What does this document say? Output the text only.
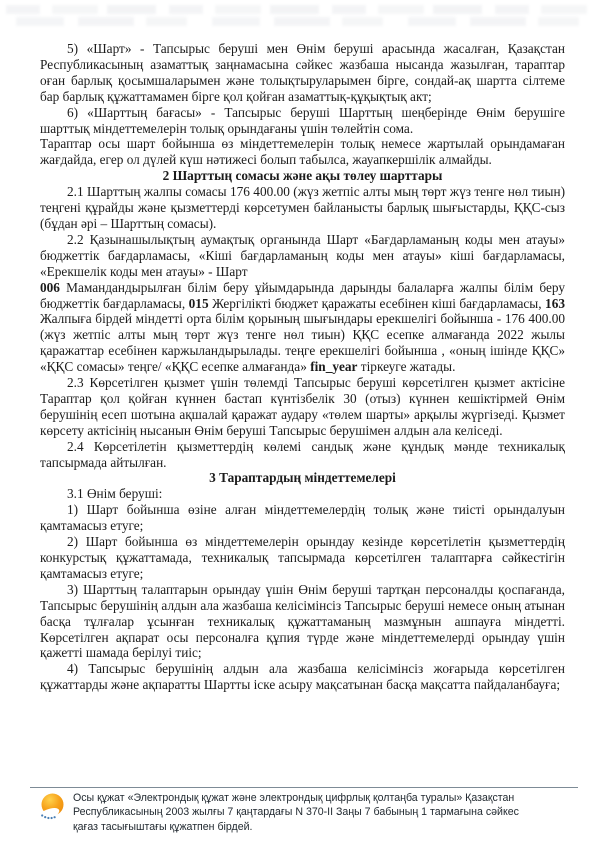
5) «Шарт» - Тапсырыс беруші мен Өнім беруші арасында жасалған, Қазақстан Республикасының азаматтық заңнамасына сәйкес жазбаша нысанда жазылған, тараптар оған барлық қосымшаларымен және толықтыруларымен бірге, сондай-ақ шартта сілтеме бар барлық құжаттамамен бірге қол қойған азаматтық-құқықтық акт;

6) «Шарттың бағасы» - Тапсырыс беруші Шарттың шеңберінде Өнім берушіге шарттық міндеттемелерін толық орындағаны үшін төлейтін сома.

Тараптар осы шарт бойынша өз міндеттемелерін толық немесе жартылай орындамаған жағдайда, егер ол дүлей күш нәтижесі болып табылса, жауапкершілік алмайды.

2 Шарттың сомасы және ақы төлеу шарттары

2.1 Шарттың жалпы сомасы 176 400.00 (жүз жетпіс алты мың төрт жүз тенге нөл тиын) теңгені құрайды және қызметтерді көрсетумен байланысты барлық шығыстарды, ҚҚС-сыз (бұдан әрі – Шарттың сомасы).

2.2 Қазынашылықтың аумақтық органында Шарт «Бағдарламаның коды мен атауы» бюджеттік бағдарламасы, «Кіші бағдарламаның коды мен атауы» кіші бағдарламасы, «Ерекшелік коды мен атауы» - Шарт

006 Мамандандырылған білім беру ұйымдарында дарынды балаларға жалпы білім беру бюджеттік бағдарламасы, 015 Жергілікті бюджет қаражаты есебінен кіші бағдарламасы, 163 Жалпыға бірдей міндетті орта білім қорының шығындары ерекшелігі бойынша - 176 400.00 (жүз жетпіс алты мың төрт жүз тенге нөл тиын) ҚҚС есепке алмағанда 2022 жылы қаражаттар есебінен каржыландырылады. теңге ерекшелігі бойынша , «оның ішінде ҚҚС» «ҚҚС сомасы» теңге/ «ҚҚС есепке алмағанда» fin_year тіркеуге жатады.

2.3 Көрсетілген қызмет үшін төлемді Тапсырыс беруші көрсетілген қызмет актісіне Тараптар қол қойған күннен бастап күнтізбелік 30 (отыз) күннен кешіктірмей Өнім берушінің есеп шотына ақшалай қаражат аудару «төлем шарты» арқылы жүргізеді. Қызмет көрсету актісінің нысанын Өнім беруші Тапсырыс берушімен алдын ала келіседі.

2.4 Көрсетілетін қызметтердің көлемі сандық және құндық мәнде техникалық тапсырмада айтылған.

3 Тараптардың міндеттемелері

3.1 Өнім беруші:

1) Шарт бойынша өзіне алған міндеттемелердің толық және тиісті орындалуын қамтамасыз етуге;

2) Шарт бойынша өз міндеттемелерін орындау кезінде көрсетілетін қызметтердің конкурстық құжаттамада, техникалық тапсырмада көрсетілген талаптарға сәйкестігін қамтамасыз етуге;

3) Шарттың талаптарын орындау үшін Өнім беруші тартқан персоналды қоспағанда, Тапсырыс берушінің алдын ала жазбаша келісімінсіз Тапсырыс беруші немесе оның атынан басқа тұлғалар ұсынған техникалық құжаттаманың мазмұнын ашпауға міндетті. Көрсетілген ақпарат осы персоналға құпия түрде және міндеттемелерді орындау үшін қажетті шамада берілуі тиіс;

4) Тапсырыс берушінің алдын ала жазбаша келісімінсіз жоғарыда көрсетілген құжаттарды және ақпаратты Шартты іске асыру мақсатынан басқа мақсатта пайдаланбауға;

Осы құжат «Электрондық құжат және электрондық цифрлық қолтаңба туралы» Қазақстан Республикасының 2003 жылғы 7 қаңтардағы N 370-II Заңы 7 бабының 1 тармағына сәйкес қағаз тасығыштағы құжатпен бірдей.
